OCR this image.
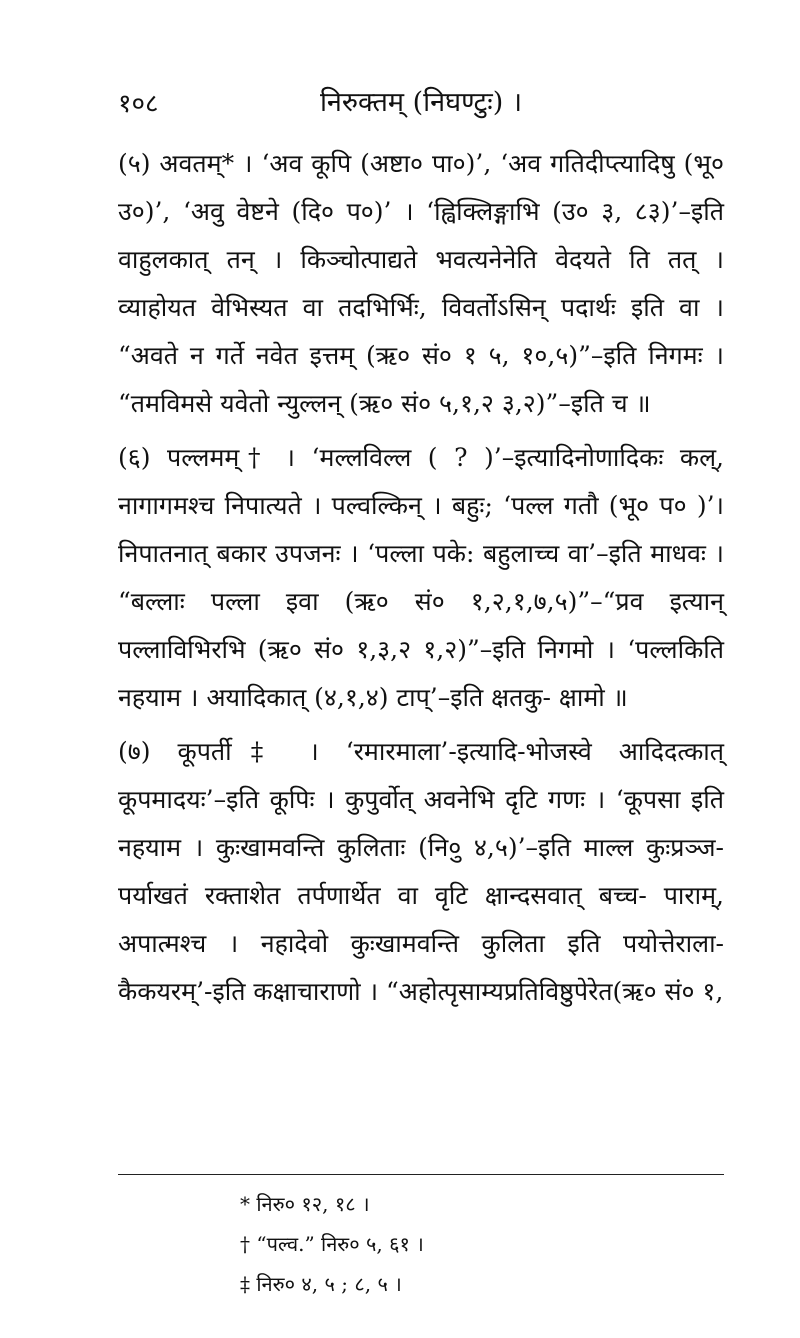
१०८	निरुक्तम् (निघण्टुः) ।

(५) अवतम्* । ‘अव कूपि (अष्टा० पा०)’, ‘अव गतिदीप्त्यादिषु (भू० उ०)’, ‘अवु वेष्टने (दि० प०)’ । ‘ह्विक्लिङ्गाभि (उ० ३, ८३)’–इति वाहुलकात् तन् । किञ्चोत्पाद्यते भवत्यनेनेति वेदयते ति तत् । व्याहोयत वेभिस्यत वा तदभिर्भिः, विवर्तोऽसिन् पदार्थः इति वा । “अवते न गर्ते नवेत इत्तम् (ऋ० सं० १ ५, १०,५)”–इति निगमः । “तमविमसे यवेतो न्युल्लन् (ऋ० सं० ५,१,२ ३,२)”–इति च ॥

(६) पल्लमम्† । ‘मल्लविल्ल ( ? )’–इत्यादिनोणादिकः कल्, नागागमश्च निपात्यते । पल्वल्किन् । बहुः; ‘पल्ल गतौ (भू० प० )’। निपातनात् बकार उपजनः । ‘पल्ला पके: बहुलाच्च वा’–इति माधवः । “बल्लाः पल्ला इवा (ऋ० सं० १,२,१,७,५)”–“प्रव इत्यान् पल्लाविभिरभि (ऋ० सं० १,३,२ १,२)”–इति निगमो । ‘पल्लकिति नहयाम । अयादिकात् (४,१,४) टाप्’–इति क्षतकु- क्षामो ॥

(७) कूपर्ती‡ । ‘रमारमाला’-इत्यादि-भोजस्वे आदिदत्कात् कूपमादयः’–इति कूपिः । कुपुर्वोत् अवनेभि दृटि गणः । ‘कूपसा इति नहयाम । कुःखामवन्ति कुलिताः (नि०ु ४,५)’–इति माल्ल कुःप्रञ्ज-पर्याखतं रक्ताशेत तर्पणार्थेत वा वृटि क्षान्दसवात् बच्च- पाराम्, अपात्मश्च । नहादेवो कुःखामवन्ति कुलिता इति पयोत्तेराला- कैकयरम्’-इति कक्षाचाराणो । “अहोत्पृसाम्यप्रतिविष्ठुपेरेत(ऋ० सं० १,

* निरु० १२, १८ ।
† “पल्व.” निरु० ५, ६१ ।
‡ निरु० ४, ५ ; ८, ५ ।
